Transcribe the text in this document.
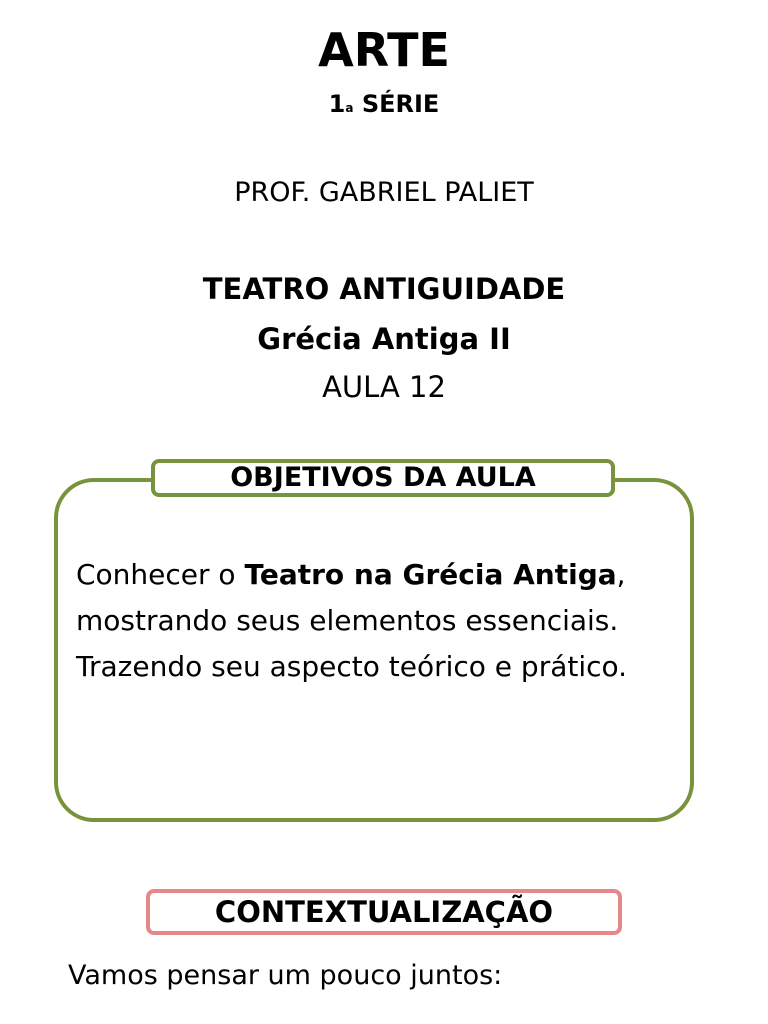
ARTE
1$^a$ SÉRIE
PROF. GABRIEL PALIET
TEATRO ANTIGUIDADE
Grécia Antiga II
AULA 12
OBJETIVOS DA AULA
Conhecer o Teatro na Grécia Antiga,
mostrando seus elementos essenciais.
Trazendo seu aspecto teórico e prático.
CONTEXTUALIZAÇÃO
Vamos pensar um pouco juntos:
